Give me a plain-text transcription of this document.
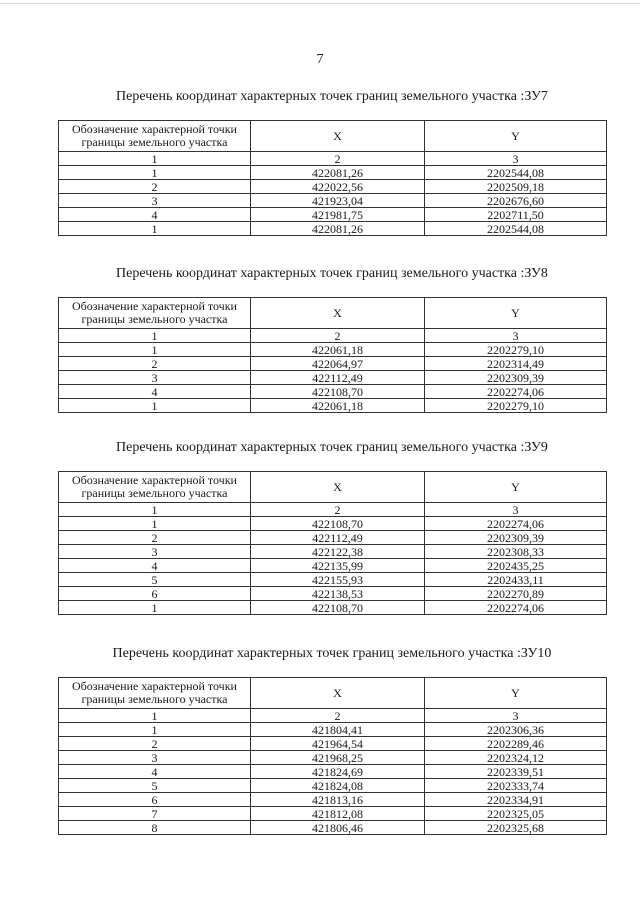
7
Перечень координат характерных точек границ земельного участка :ЗУ7
Обозначение характерной точки границы земельного участка	X	Y
1	2	3
1	422081,26	2202544,08
2	422022,56	2202509,18
3	421923,04	2202676,60
4	421981,75	2202711,50
1	422081,26	2202544,08
Перечень координат характерных точек границ земельного участка :ЗУ8
Обозначение характерной точки границы земельного участка	X	Y
1	2	3
1	422061,18	2202279,10
2	422064,97	2202314,49
3	422112,49	2202309,39
4	422108,70	2202274,06
1	422061,18	2202279,10
Перечень координат характерных точек границ земельного участка :ЗУ9
Обозначение характерной точки границы земельного участка	X	Y
1	2	3
1	422108,70	2202274,06
2	422112,49	2202309,39
3	422122,38	2202308,33
4	422135,99	2202435,25
5	422155,93	2202433,11
6	422138,53	2202270,89
1	422108,70	2202274,06
Перечень координат характерных точек границ земельного участка :ЗУ10
Обозначение характерной точки границы земельного участка	X	Y
1	2	3
1	421804,41	2202306,36
2	421964,54	2202289,46
3	421968,25	2202324,12
4	421824,69	2202339,51
5	421824,08	2202333,74
6	421813,16	2202334,91
7	421812,08	2202325,05
8	421806,46	2202325,68
